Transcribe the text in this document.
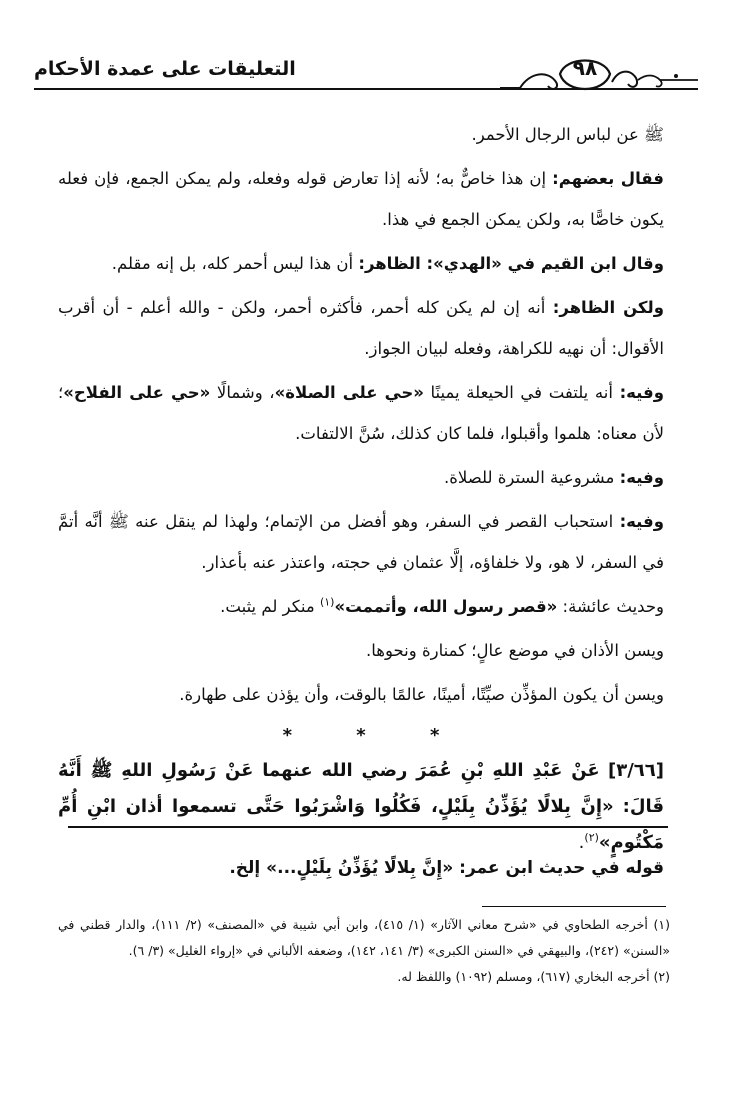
التعليقات على عمدة الأحكام	٩٨

ﷺ عن لباس الرجال الأحمر.

فقال بعضهم: إن هذا خاصٌّ به؛ لأنه إذا تعارض قوله وفعله، ولم يمكن الجمع، فإن فعله يكون خاصًّا به، ولكن يمكن الجمع في هذا.

وقال ابن القيم في «الهدي»: الظاهر: أن هذا ليس أحمر كله، بل إنه مقلم.

ولكن الظاهر: أنه إن لم يكن كله أحمر، فأكثره أحمر، ولكن - والله أعلم - أن أقرب الأقوال: أن نهيه للكراهة، وفعله لبيان الجواز.

وفيه: أنه يلتفت في الحيعلة يمينًا «حي على الصلاة»، وشمالًا «حي على الفلاح»؛ لأن معناه: هلموا وأقبلوا، فلما كان كذلك، سُنَّ الالتفات.

وفيه: مشروعية السترة للصلاة.

وفيه: استحباب القصر في السفر، وهو أفضل من الإتمام؛ ولهذا لم ينقل عنه ﷺ أنَّه أتمَّ في السفر، لا هو، ولا خلفاؤه، إلَّا عثمان في حجته، واعتذر عنه بأعذار.

وحديث عائشة: «قصر رسول الله، وأتممت»$^{(١)}$ منكر لم يثبت.

ويسن الأذان في موضع عالٍ؛ كمنارة ونحوها.

ويسن أن يكون المؤذِّن صيِّتًا، أمينًا، عالمًا بالوقت، وأن يؤذن على طهارة.

* * *

[٣/٦٦] عَنْ عَبْدِ اللهِ بْنِ عُمَرَ رضي الله عنهما عَنْ رَسُولِ اللهِ ﷺ أَنَّهُ قَالَ: «إِنَّ بِلالًا يُؤَذِّنُ بِلَيْلٍ، فَكُلُوا وَاشْرَبُوا حَتَّى تسمعوا أذان ابْنِ أُمِّ مَكْتُومٍ»$^{(٢)}$.

قوله في حديث ابن عمر: «إِنَّ بِلالًا يُؤَذِّنُ بِلَيْلٍ...» إلخ.

(١) أخرجه الطحاوي في «شرح معاني الآثار» (١/ ٤١٥)، وابن أبي شيبة في «المصنف» (٢/ ١١١)، والدار قطني في «السنن» (٢٤٢)، والبيهقي في «السنن الكبرى» (٣/ ١٤١، ١٤٢)، وضعفه الألباني في «إرواء الغليل» (٣/ ٦).

(٢) أخرجه البخاري (٦١٧)، ومسلم (١٠٩٢) واللفظ له.
